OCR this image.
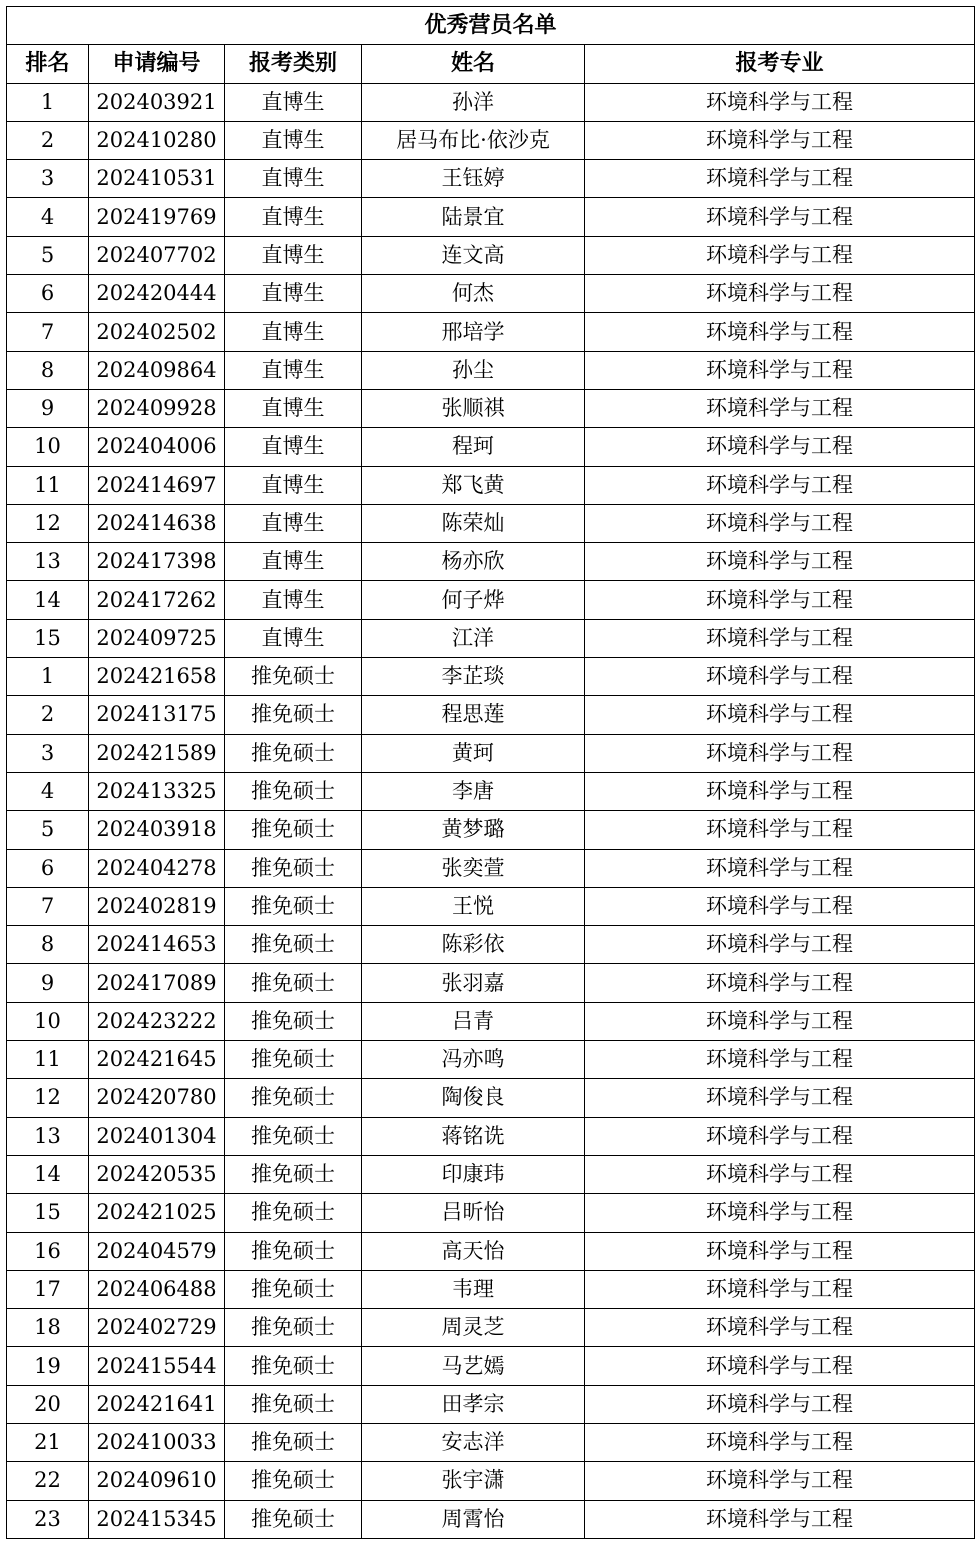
优秀营员名单				
排名	申请编号	报考类别	姓名	报考专业
1	202403921	直博生	孙洋	环境科学与工程
2	202410280	直博生	居马布比·依沙克	环境科学与工程
3	202410531	直博生	王钰婷	环境科学与工程
4	202419769	直博生	陆景宜	环境科学与工程
5	202407702	直博生	连文高	环境科学与工程
6	202420444	直博生	何杰	环境科学与工程
7	202402502	直博生	邢培学	环境科学与工程
8	202409864	直博生	孙尘	环境科学与工程
9	202409928	直博生	张顺祺	环境科学与工程
10	202404006	直博生	程珂	环境科学与工程
11	202414697	直博生	郑飞黄	环境科学与工程
12	202414638	直博生	陈荣灿	环境科学与工程
13	202417398	直博生	杨亦欣	环境科学与工程
14	202417262	直博生	何子烨	环境科学与工程
15	202409725	直博生	江洋	环境科学与工程
1	202421658	推免硕士	李芷琰	环境科学与工程
2	202413175	推免硕士	程思莲	环境科学与工程
3	202421589	推免硕士	黄珂	环境科学与工程
4	202413325	推免硕士	李唐	环境科学与工程
5	202403918	推免硕士	黄梦璐	环境科学与工程
6	202404278	推免硕士	张奕萱	环境科学与工程
7	202402819	推免硕士	王悦	环境科学与工程
8	202414653	推免硕士	陈彩依	环境科学与工程
9	202417089	推免硕士	张羽嘉	环境科学与工程
10	202423222	推免硕士	吕青	环境科学与工程
11	202421645	推免硕士	冯亦鸣	环境科学与工程
12	202420780	推免硕士	陶俊良	环境科学与工程
13	202401304	推免硕士	蒋铭诜	环境科学与工程
14	202420535	推免硕士	印康玮	环境科学与工程
15	202421025	推免硕士	吕昕怡	环境科学与工程
16	202404579	推免硕士	高天怡	环境科学与工程
17	202406488	推免硕士	韦理	环境科学与工程
18	202402729	推免硕士	周灵芝	环境科学与工程
19	202415544	推免硕士	马艺嫣	环境科学与工程
20	202421641	推免硕士	田孝宗	环境科学与工程
21	202410033	推免硕士	安志洋	环境科学与工程
22	202409610	推免硕士	张宇潇	环境科学与工程
23	202415345	推免硕士	周霄怡	环境科学与工程
